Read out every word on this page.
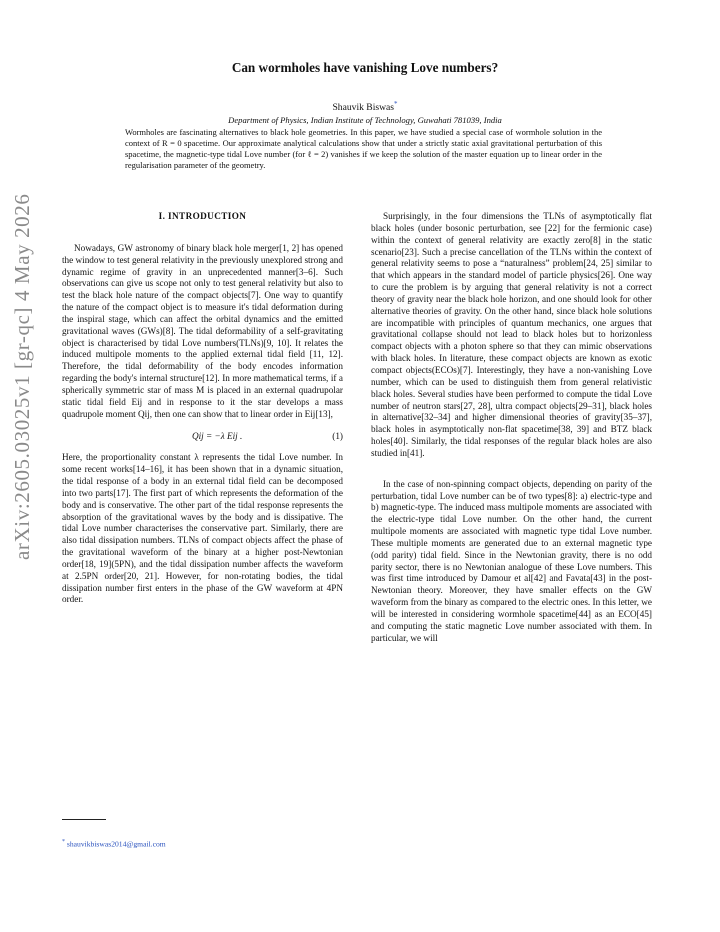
arXiv:2605.03025v1 [gr-qc] 4 May 2026
Can wormholes have vanishing Love numbers?
Shauvik Biswas*
Department of Physics, Indian Institute of Technology, Guwahati 781039, India
Wormholes are fascinating alternatives to black hole geometries. In this paper, we have studied a special case of wormhole solution in the context of R = 0 spacetime. Our approximate analytical calculations show that under a strictly static axial gravitational perturbation of this spacetime, the magnetic-type tidal Love number (for ℓ = 2) vanishes if we keep the solution of the master equation up to linear order in the regularisation parameter of the geometry.
I. INTRODUCTION

Nowadays, GW astronomy of binary black hole merger[1, 2] has opened the window to test general relativity in the previously unexplored strong and dynamic regime of gravity in an unprecedented manner[3–6]. Such observations can give us scope not only to test general relativity but also to test the black hole nature of the compact objects[7]. One way to quantify the nature of the compact object is to measure it's tidal deformation during the inspiral stage, which can affect the orbital dynamics and the emitted gravitational waves (GWs)[8]. The tidal deformability of a self-gravitating object is characterised by tidal Love numbers(TLNs)[9, 10]. It relates the induced multipole moments to the applied external tidal field [11, 12]. Therefore, the tidal deformability of the body encodes information regarding the body's internal structure[12]. In more mathematical terms, if a spherically symmetric star of mass M is placed in an external quadrupolar static tidal field Eij and in response to it the star develops a mass quadrupole moment Qij, then one can show that to linear order in Eij[13],

Qij = −λ Eij .	(1)

Here, the proportionality constant λ represents the tidal Love number. In some recent works[14–16], it has been shown that in a dynamic situation, the tidal response of a body in an external tidal field can be decomposed into two parts[17]. The first part of which represents the deformation of the body and is conservative. The other part of the tidal response represents the absorption of the gravitational waves by the body and is dissipative. The tidal Love number characterises the conservative part. Similarly, there are also tidal dissipation numbers. TLNs of compact objects affect the phase of the gravitational waveform of the binary at a higher post-Newtonian order[18, 19](5PN), and the tidal dissipation number affects the waveform at 2.5PN order[20, 21]. However, for non-rotating bodies, the tidal dissipation number first enters in the phase of the GW waveform at 4PN order.

Surprisingly, in the four dimensions the TLNs of asymptotically flat black holes (under bosonic perturbation, see [22] for the fermionic case) within the context of general relativity are exactly zero[8] in the static scenario[23]. Such a precise cancellation of the TLNs within the context of general relativity seems to pose a “naturalness” problem[24, 25] similar to that which appears in the standard model of particle physics[26]. One way to cure the problem is by arguing that general relativity is not a correct theory of gravity near the black hole horizon, and one should look for other alternative theories of gravity. On the other hand, since black hole solutions are incompatible with principles of quantum mechanics, one argues that gravitational collapse should not lead to black holes but to horizonless compact objects with a photon sphere so that they can mimic observations with black holes. In literature, these compact objects are known as exotic compact objects(ECOs)[7]. Interestingly, they have a non-vanishing Love number, which can be used to distinguish them from general relativistic black holes. Several studies have been performed to compute the tidal Love number of neutron stars[27, 28], ultra compact objects[29–31], black holes in alternative[32–34] and higher dimensional theories of gravity[35–37], black holes in asymptotically non-flat spacetime[38, 39] and BTZ black holes[40]. Similarly, the tidal responses of the regular black holes are also studied in[41].

In the case of non-spinning compact objects, depending on parity of the perturbation, tidal Love number can be of two types[8]: a) electric-type and b) magnetic-type. The induced mass multipole moments are associated with the electric-type tidal Love number. On the other hand, the current multipole moments are associated with magnetic type tidal Love number. These multiple moments are generated due to an external magnetic type (odd parity) tidal field. Since in the Newtonian gravity, there is no odd parity sector, there is no Newtonian analogue of these Love numbers. This was first time introduced by Damour et al[42] and Favata[43] in the post-Newtonian theory. Moreover, they have smaller effects on the GW waveform from the binary as compared to the electric ones. In this letter, we will be interested in considering wormhole spacetime[44] as an ECO[45] and computing the static magnetic Love number associated with them. In particular, we will

* shauvikbiswas2014@gmail.com
